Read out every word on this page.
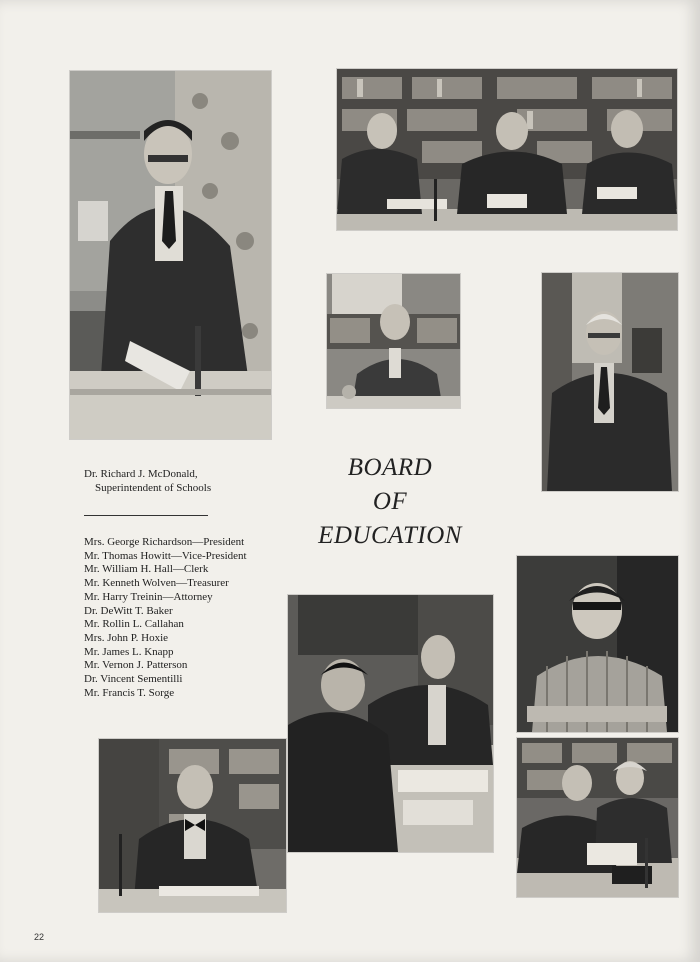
Dr. Richard J. McDonald,
Superintendent of Schools
BOARD
OF
EDUCATION
Mrs. George Richardson—President
Mr. Thomas Howitt—Vice-President
Mr. William H. Hall—Clerk
Mr. Kenneth Wolven—Treasurer
Mr. Harry Treinin—Attorney
Dr. DeWitt T. Baker
Mr. Rollin L. Callahan
Mrs. John P. Hoxie
Mr. James L. Knapp
Mr. Vernon J. Patterson
Dr. Vincent Sementilli
Mr. Francis T. Sorge
22
